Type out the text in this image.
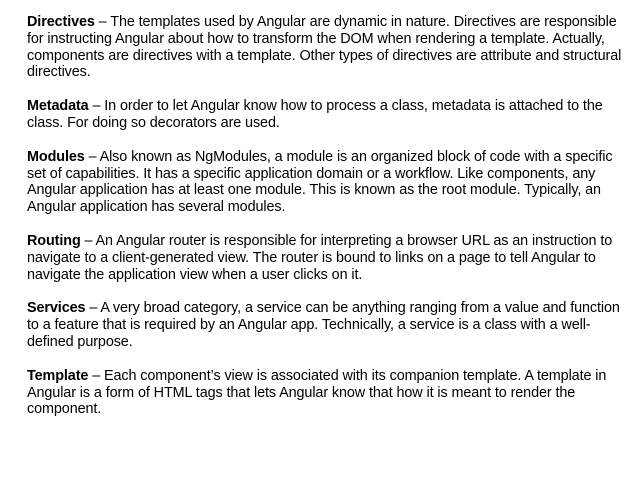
Directives – The templates used by Angular are dynamic in nature. Directives are responsible for instructing Angular about how to transform the DOM when rendering a template. Actually, components are directives with a template. Other types of directives are attribute and structural directives.

Metadata – In order to let Angular know how to process a class, metadata is attached to the class. For doing so decorators are used.

Modules – Also known as NgModules, a module is an organized block of code with a specific set of capabilities. It has a specific application domain or a workflow. Like components, any Angular application has at least one module. This is known as the root module. Typically, an Angular application has several modules.

Routing – An Angular router is responsible for interpreting a browser URL as an instruction to navigate to a client-generated view. The router is bound to links on a page to tell Angular to navigate the application view when a user clicks on it.

Services – A very broad category, a service can be anything ranging from a value and function to a feature that is required by an Angular app. Technically, a service is a class with a well-defined purpose.

Template – Each component’s view is associated with its companion template. A template in Angular is a form of HTML tags that lets Angular know that how it is meant to render the component.
